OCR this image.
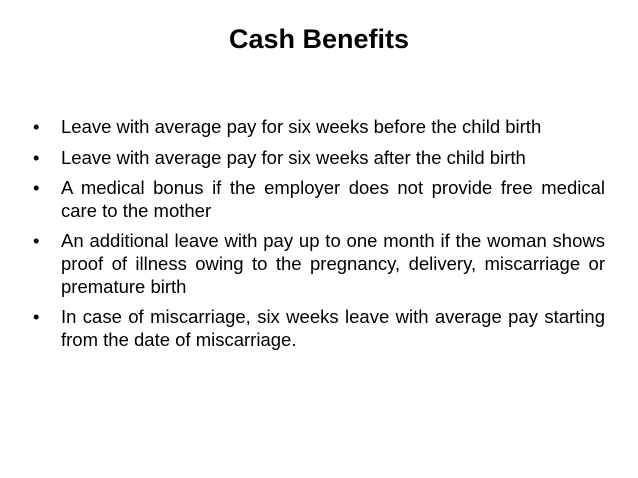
Cash Benefits
• Leave with average pay for six weeks before the child birth
• Leave with average pay for six weeks after the child birth
• A medical bonus if the employer does not provide free medical care to the mother
• An additional leave with pay up to one month if the woman shows proof of illness owing to the pregnancy, delivery, miscarriage or premature birth
• In case of miscarriage, six weeks leave with average pay starting from the date of miscarriage.
